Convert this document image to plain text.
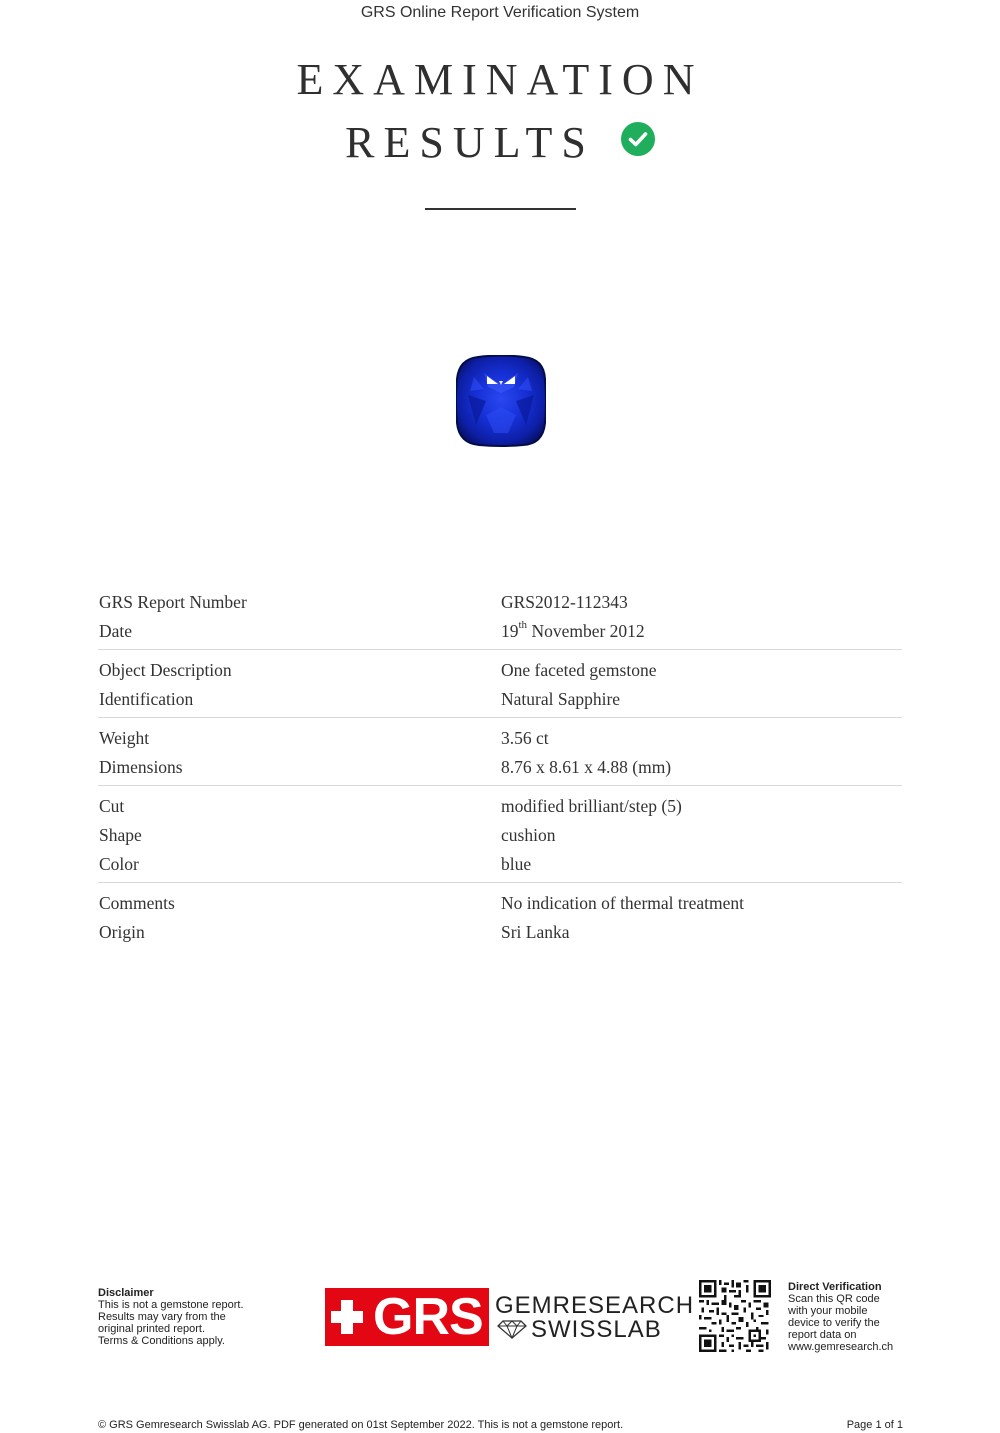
GRS Online Report Verification System
EXAMINATION
RESULTS
GRS Report Number	GRS2012-112343
Date	19th November 2012
Object Description	One faceted gemstone
Identification	Natural Sapphire
Weight	3.56 ct
Dimensions	8.76 x 8.61 x 4.88 (mm)
Cut	modified brilliant/step (5)
Shape	cushion
Color	blue
Comments	No indication of thermal treatment
Origin	Sri Lanka
Disclaimer
This is not a gemstone report.
Results may vary from the
original printed report.
Terms & Conditions apply.	GRS GEMRESEARCH
SWISSLAB
Direct Verification
Scan this QR code
with your mobile
device to verify the
report data on
www.gemresearch.ch
© GRS Gemresearch Swisslab AG. PDF generated on 01st September 2022. This is not a gemstone report.	Page 1 of 1
